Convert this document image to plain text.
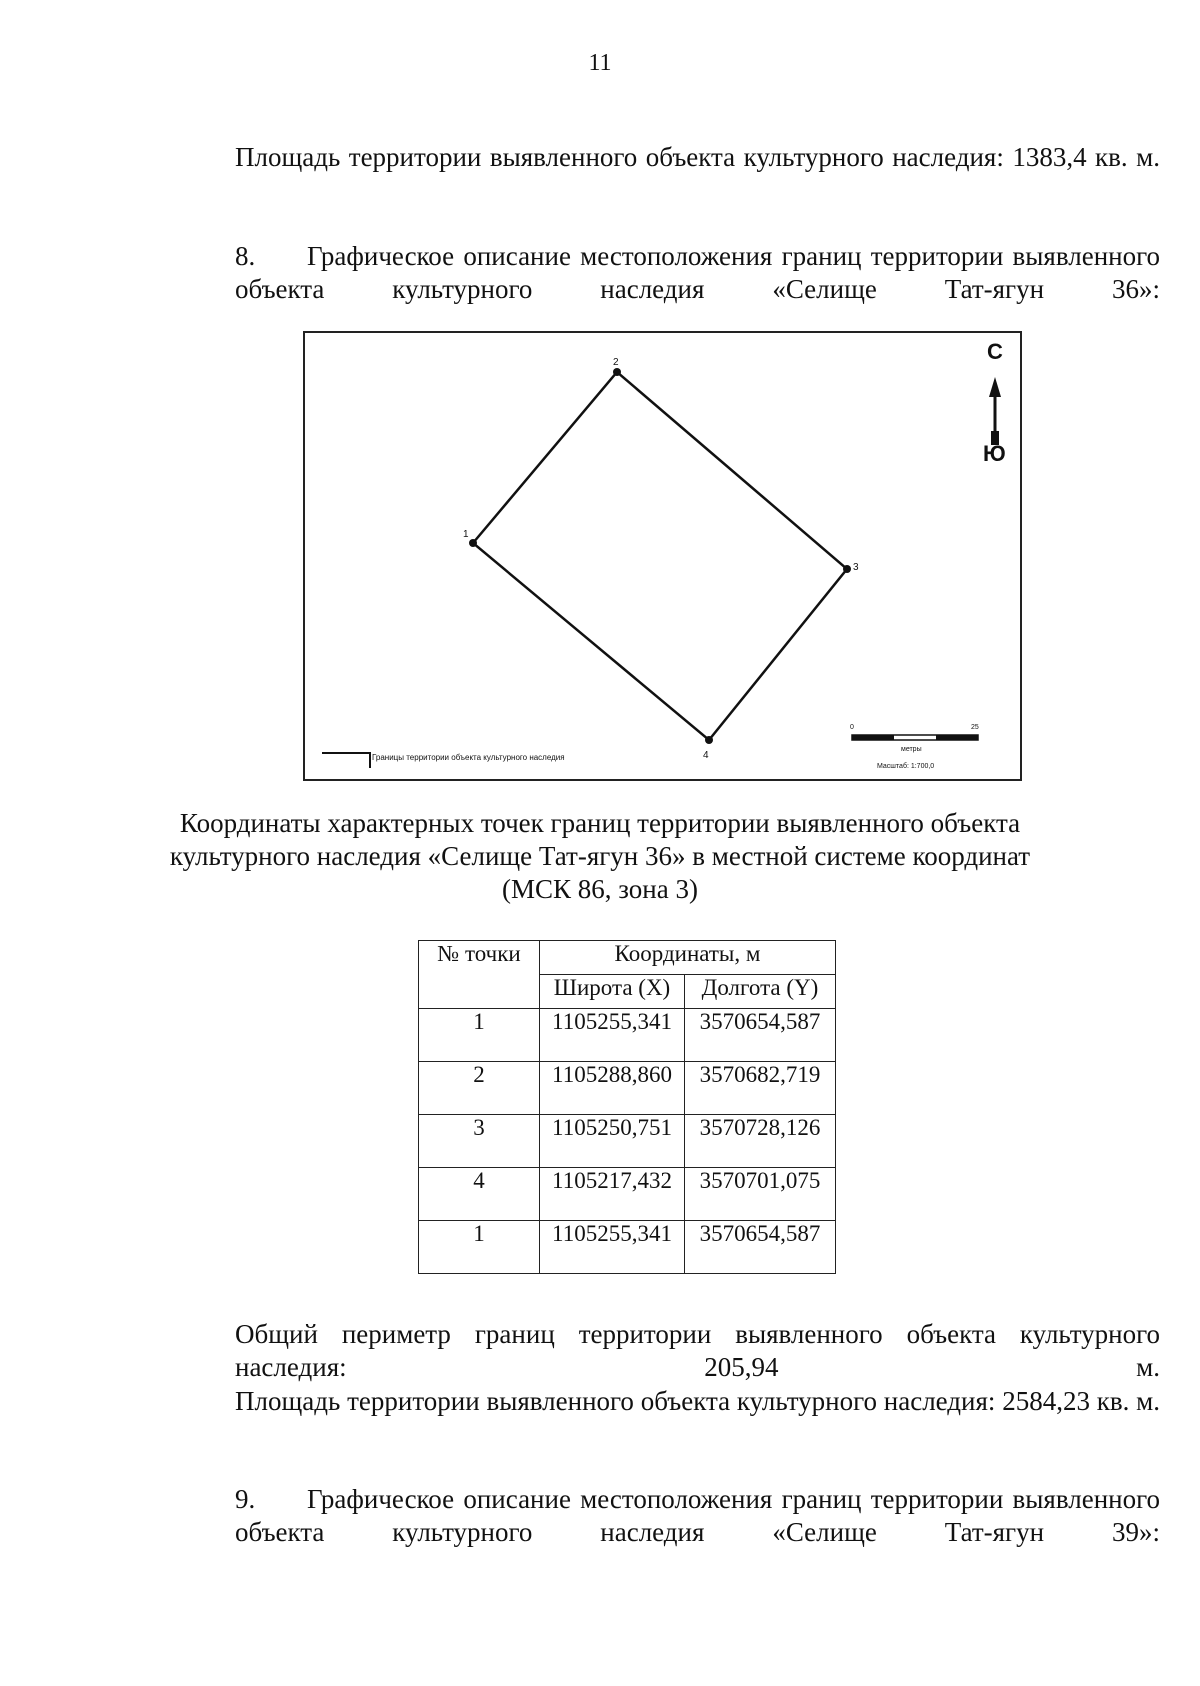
11

Площадь территории выявленного объекта культурного наследия: 1383,4 кв. м.

8. Графическое описание местоположения границ территории выявленного объекта культурного наследия «Селище Тат-ягун 36»:

1
2
3
4
С
Ю
Границы территории объекта культурного наследия
0	25
метры
Масштаб: 1:700,0

Координаты характерных точек границ территории выявленного объекта культурного наследия «Селище Тат-ягун 36» в местной системе координат (МСК 86, зона 3)

№ точки	Координаты, м	
	Широта (X)	Долгота (Y)
1	1105255,341	3570654,587
2	1105288,860	3570682,719
3	1105250,751	3570728,126
4	1105217,432	3570701,075
1	1105255,341	3570654,587

Общий периметр границ территории выявленного объекта культурного наследия: 205,94 м.

Площадь территории выявленного объекта культурного наследия: 2584,23 кв. м.

9. Графическое описание местоположения границ территории выявленного объекта культурного наследия «Селище Тат-ягун 39»:
